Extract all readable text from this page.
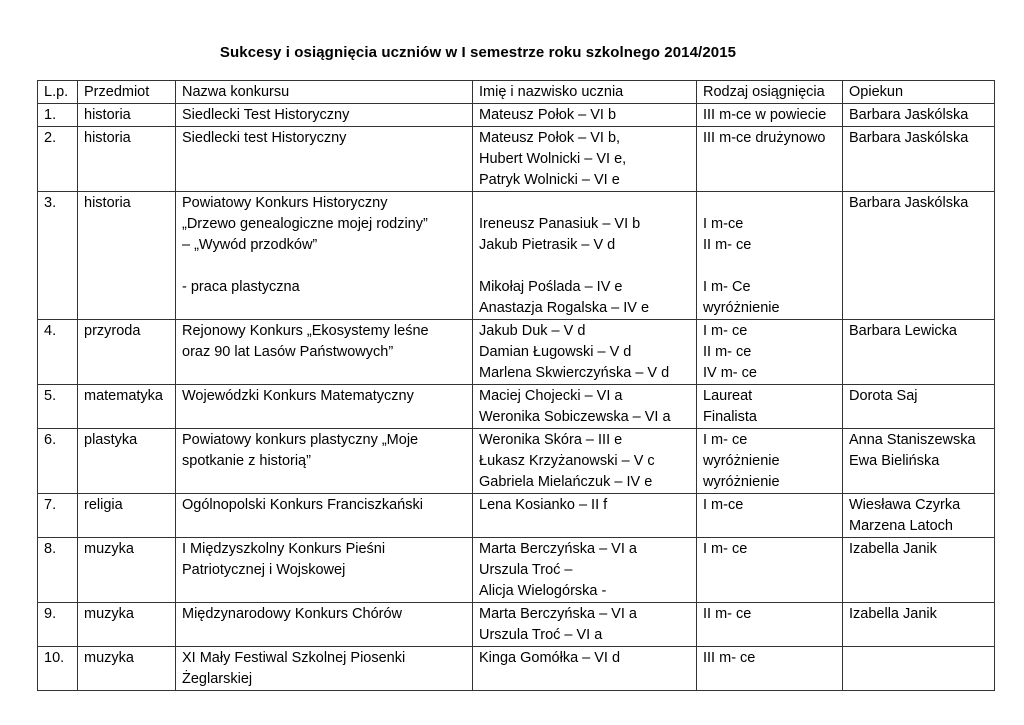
Sukcesy i osiągnięcia uczniów w I semestrze roku szkolnego 2014/2015
L.p.	Przedmiot	Nazwa konkursu	Imię i nazwisko ucznia	Rodzaj osiągnięcia	Opiekun

1.	historia	Siedlecki Test Historyczny	Mateusz Połok – VI b	III m-ce w powiecie	Barbara Jaskólska

2.	historia	Siedlecki test Historyczny	Mateusz Połok – VI b,
Hubert Wolnicki – VI e,
Patryk Wolnicki – VI e	III m-ce drużynowo	Barbara Jaskólska

3.	historia	Powiatowy Konkurs Historyczny
„Drzewo genealogiczne mojej rodziny”
– „Wywód przodków”
- praca plastyczna	Ireneusz Panasiuk – VI b
Jakub Pietrasik – V d
Mikołaj Poślada – IV e
Anastazja Rogalska – IV e	I m-ce
II m- ce
I m- Ce
wyróżnienie	Barbara Jaskólska

4.	przyroda	Rejonowy Konkurs „Ekosystemy leśne
oraz 90 lat Lasów Państwowych”	Jakub Duk – V d
Damian Ługowski – V d
Marlena Skwierczyńska – V d	I m- ce
II m- ce
IV m- ce	Barbara Lewicka

5.	matematyka	Wojewódzki Konkurs Matematyczny	Maciej Chojecki – VI a
Weronika Sobiczewska – VI a	Laureat
Finalista	Dorota Saj

6.	plastyka	Powiatowy konkurs plastyczny „Moje
spotkanie z historią”	Weronika Skóra – III e
Łukasz Krzyżanowski – V c
Gabriela Mielańczuk – IV e	I m- ce
wyróżnienie
wyróżnienie	Anna Staniszewska
Ewa Bielińska

7.	religia	Ogólnopolski Konkurs Franciszkański	Lena Kosianko – II f	I m-ce	Wiesława Czyrka
Marzena Latoch

8.	muzyka	I Międzyszkolny Konkurs Pieśni
Patriotycznej i Wojskowej	Marta Berczyńska – VI a
Urszula Troć –
Alicja Wielogórska -	I m- ce	Izabella Janik

9.	muzyka	Międzynarodowy Konkurs Chórów	Marta Berczyńska – VI a
Urszula Troć – VI a	II m- ce	Izabella Janik

10.	muzyka	XI Mały Festiwal Szkolnej Piosenki
Żeglarskiej	Kinga Gomółka – VI d	III m- ce	
